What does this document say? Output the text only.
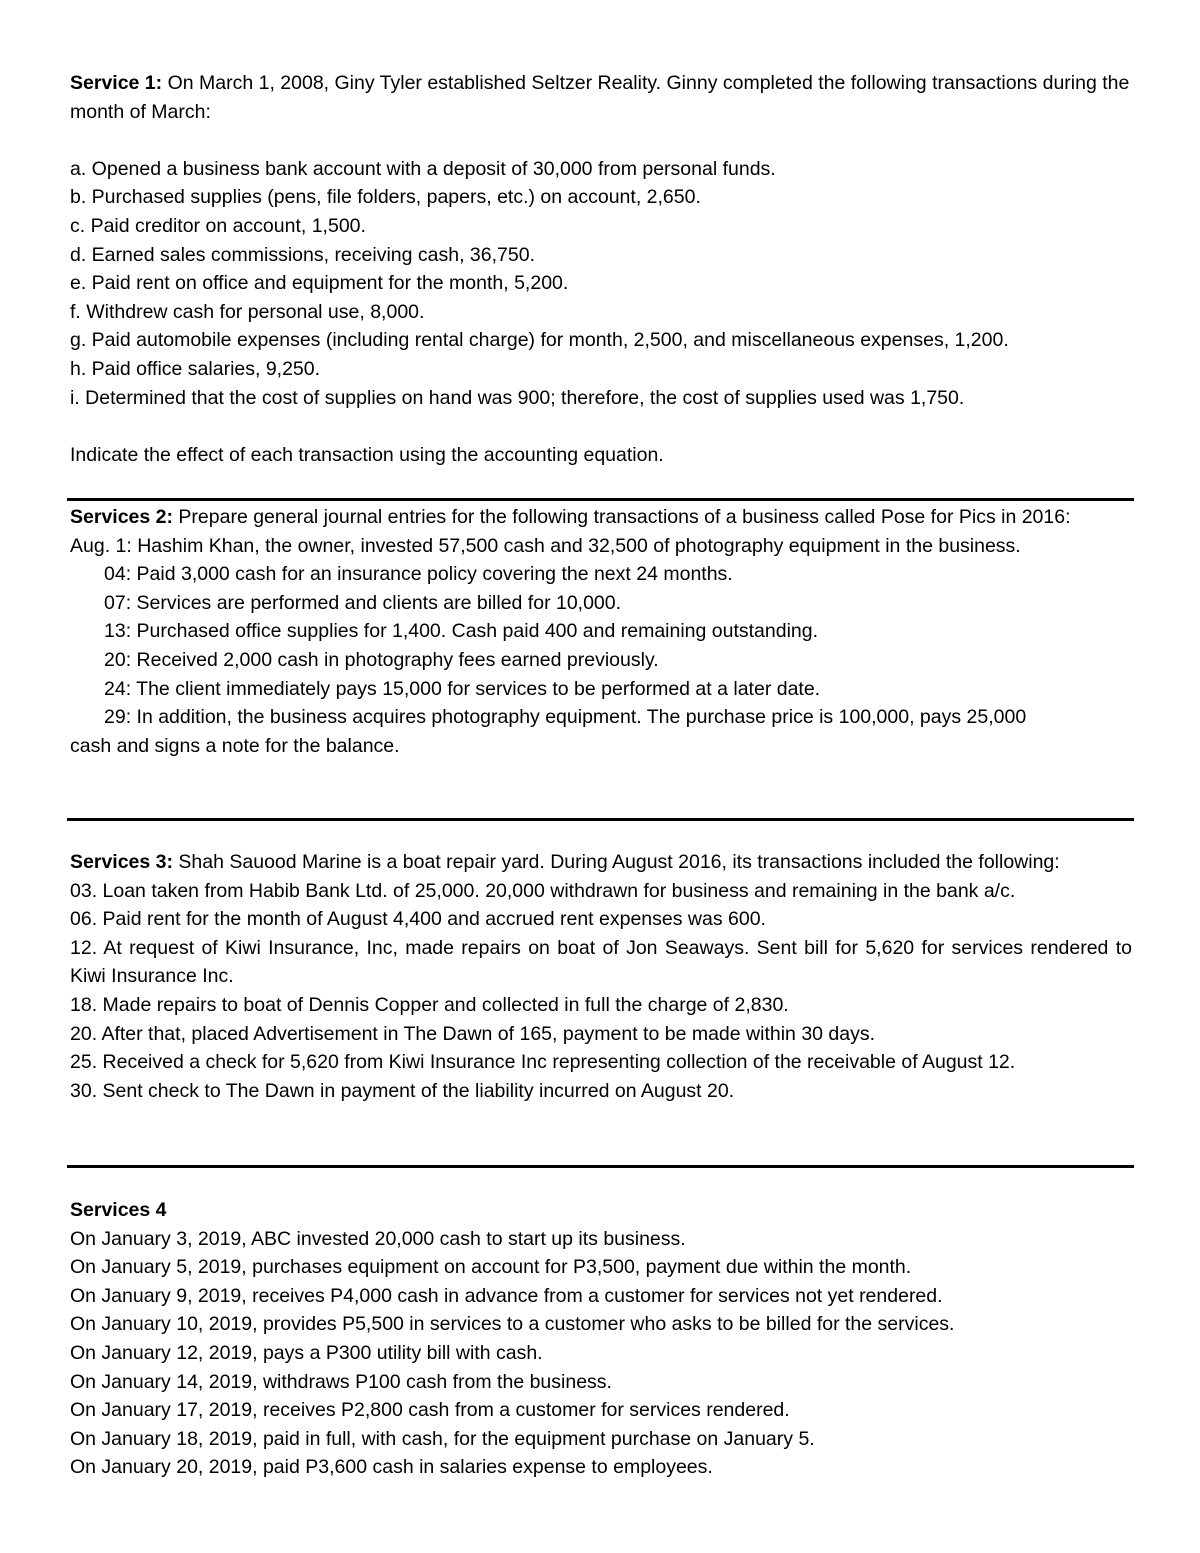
Service 1: On March 1, 2008, Giny Tyler established Seltzer Reality. Ginny completed the following transactions during the month of March:

a. Opened a business bank account with a deposit of 30,000 from personal funds.

b. Purchased supplies (pens, file folders, papers, etc.) on account, 2,650.

c. Paid creditor on account, 1,500.

d. Earned sales commissions, receiving cash, 36,750.

e. Paid rent on office and equipment for the month, 5,200.

f. Withdrew cash for personal use, 8,000.

g. Paid automobile expenses (including rental charge) for month, 2,500, and miscellaneous expenses, 1,200.

h. Paid office salaries, 9,250.

i. Determined that the cost of supplies on hand was 900; therefore, the cost of supplies used was 1,750.

Indicate the effect of each transaction using the accounting equation.

Services 2: Prepare general journal entries for the following transactions of a business called Pose for Pics in 2016:

Aug. 1: Hashim Khan, the owner, invested 57,500 cash and 32,500 of photography equipment in the business.

04: Paid 3,000 cash for an insurance policy covering the next 24 months.

07: Services are performed and clients are billed for 10,000.

13: Purchased office supplies for 1,400. Cash paid 400 and remaining outstanding.

20: Received 2,000 cash in photography fees earned previously.

24: The client immediately pays 15,000 for services to be performed at a later date.

29: In addition, the business acquires photography equipment. The purchase price is 100,000, pays 25,000

cash and signs a note for the balance.

Services 3: Shah Sauood Marine is a boat repair yard. During August 2016, its transactions included the following:

03. Loan taken from Habib Bank Ltd. of 25,000. 20,000 withdrawn for business and remaining in the bank a/c.

06. Paid rent for the month of August 4,400 and accrued rent expenses was 600.

12. At request of Kiwi Insurance, Inc, made repairs on boat of Jon Seaways. Sent bill for 5,620 for services rendered to Kiwi Insurance Inc.

18. Made repairs to boat of Dennis Copper and collected in full the charge of 2,830.

20. After that, placed Advertisement in The Dawn of 165, payment to be made within 30 days.

25. Received a check for 5,620 from Kiwi Insurance Inc representing collection of the receivable of August 12.

30. Sent check to The Dawn in payment of the liability incurred on August 20.

Services 4

On January 3, 2019, ABC invested 20,000 cash to start up its business.

On January 5, 2019, purchases equipment on account for P3,500, payment due within the month.

On January 9, 2019, receives P4,000 cash in advance from a customer for services not yet rendered.

On January 10, 2019, provides P5,500 in services to a customer who asks to be billed for the services.

On January 12, 2019, pays a P300 utility bill with cash.

On January 14, 2019, withdraws P100 cash from the business.

On January 17, 2019, receives P2,800 cash from a customer for services rendered.

On January 18, 2019, paid in full, with cash, for the equipment purchase on January 5.

On January 20, 2019, paid P3,600 cash in salaries expense to employees.
